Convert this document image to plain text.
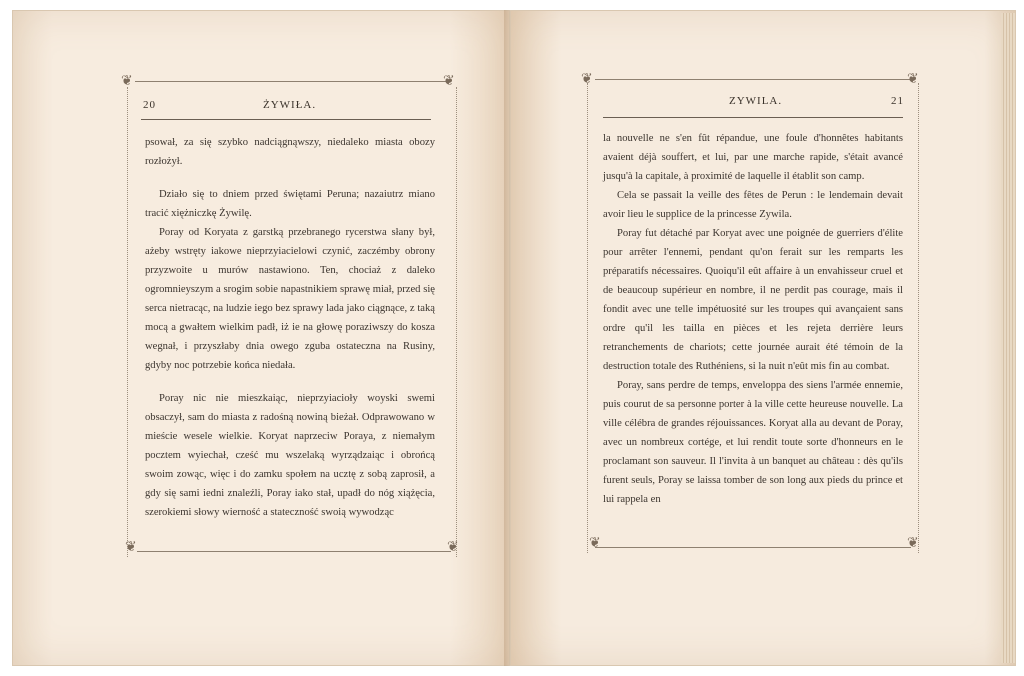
❦	❦
❦	❦
20	ŻYWIŁA.

psował, za się szybko nadciągnąwszy, niedaleko miasta obozy rozłożył.

Działo się to dniem przed świętami Peruna; nazaiutrz miano tracić xiężniczkę Żywilę.

Poray od Koryata z garstką przebranego rycerstwa słany był, ażeby wstręty iakowe nieprzyiacielowi czynić, zaczémby obrony przyzwoite u murów nastawiono. Ten, chociaż z daleko ogromnieyszym a srogim sobie napastnikiem sprawę miał, przed się serca nietracąc, na ludzie iego bez sprawy lada jako ciągnące, z taką mocą a gwałtem wielkim padł, iż ie na głowę poraziwszy do kosza wegnał, i przyszłaby dnia owego zguba ostateczna na Rusiny, gdyby noc potrzebie końca niedała.

Poray nic nie mieszkaiąc, nieprzyiacioły woyski swemi obsaczył, sam do miasta z radośną nowiną bieżał. Odprawowano w mieście wesele wielkie. Koryat naprzeciw Poraya, z niemałym pocztem wyiechał, cześć mu wszelaką wyrządzaiąc i obrońcą swoim zowąc, więc i do zamku społem na ucztę z sobą zaprosił, a gdy się sami iedni znaleźli, Poray iako stał, upadł do nóg xiążęcia, szerokiemi słowy wierność a stateczność swoią wywodząc

❦	❦
❦	❦
ZYWILA.	21

la nouvelle ne s'en fût répandue, une foule d'honnêtes habitants avaient déjà souffert, et lui, par une marche rapide, s'était avancé jusqu'à la capitale, à proximité de laquelle il établit son camp.

Cela se passait la veille des fêtes de Perun : le lendemain devait avoir lieu le supplice de la princesse Zywila.

Poray fut détaché par Koryat avec une poignée de guerriers d'élite pour arrêter l'ennemi, pendant qu'on ferait sur les remparts les préparatifs nécessaires. Quoiqu'il eût affaire à un envahisseur cruel et de beaucoup supérieur en nombre, il ne perdit pas courage, mais il fondit avec une telle impétuosité sur les troupes qui avançaient sans ordre qu'il les tailla en pièces et les rejeta derrière leurs retranchements de chariots; cette journée aurait été témoin de la destruction totale des Ruthéniens, si la nuit n'eût mis fin au combat.

Poray, sans perdre de temps, enveloppa des siens l'armée ennemie, puis courut de sa personne porter à la ville cette heureuse nouvelle. La ville célébra de grandes réjouissances. Koryat alla au devant de Poray, avec un nombreux cortége, et lui rendit toute sorte d'honneurs en le proclamant son sauveur. Il l'invita à un banquet au château : dès qu'ils furent seuls, Poray se laissa tomber de son long aux pieds du prince et lui rappela en
